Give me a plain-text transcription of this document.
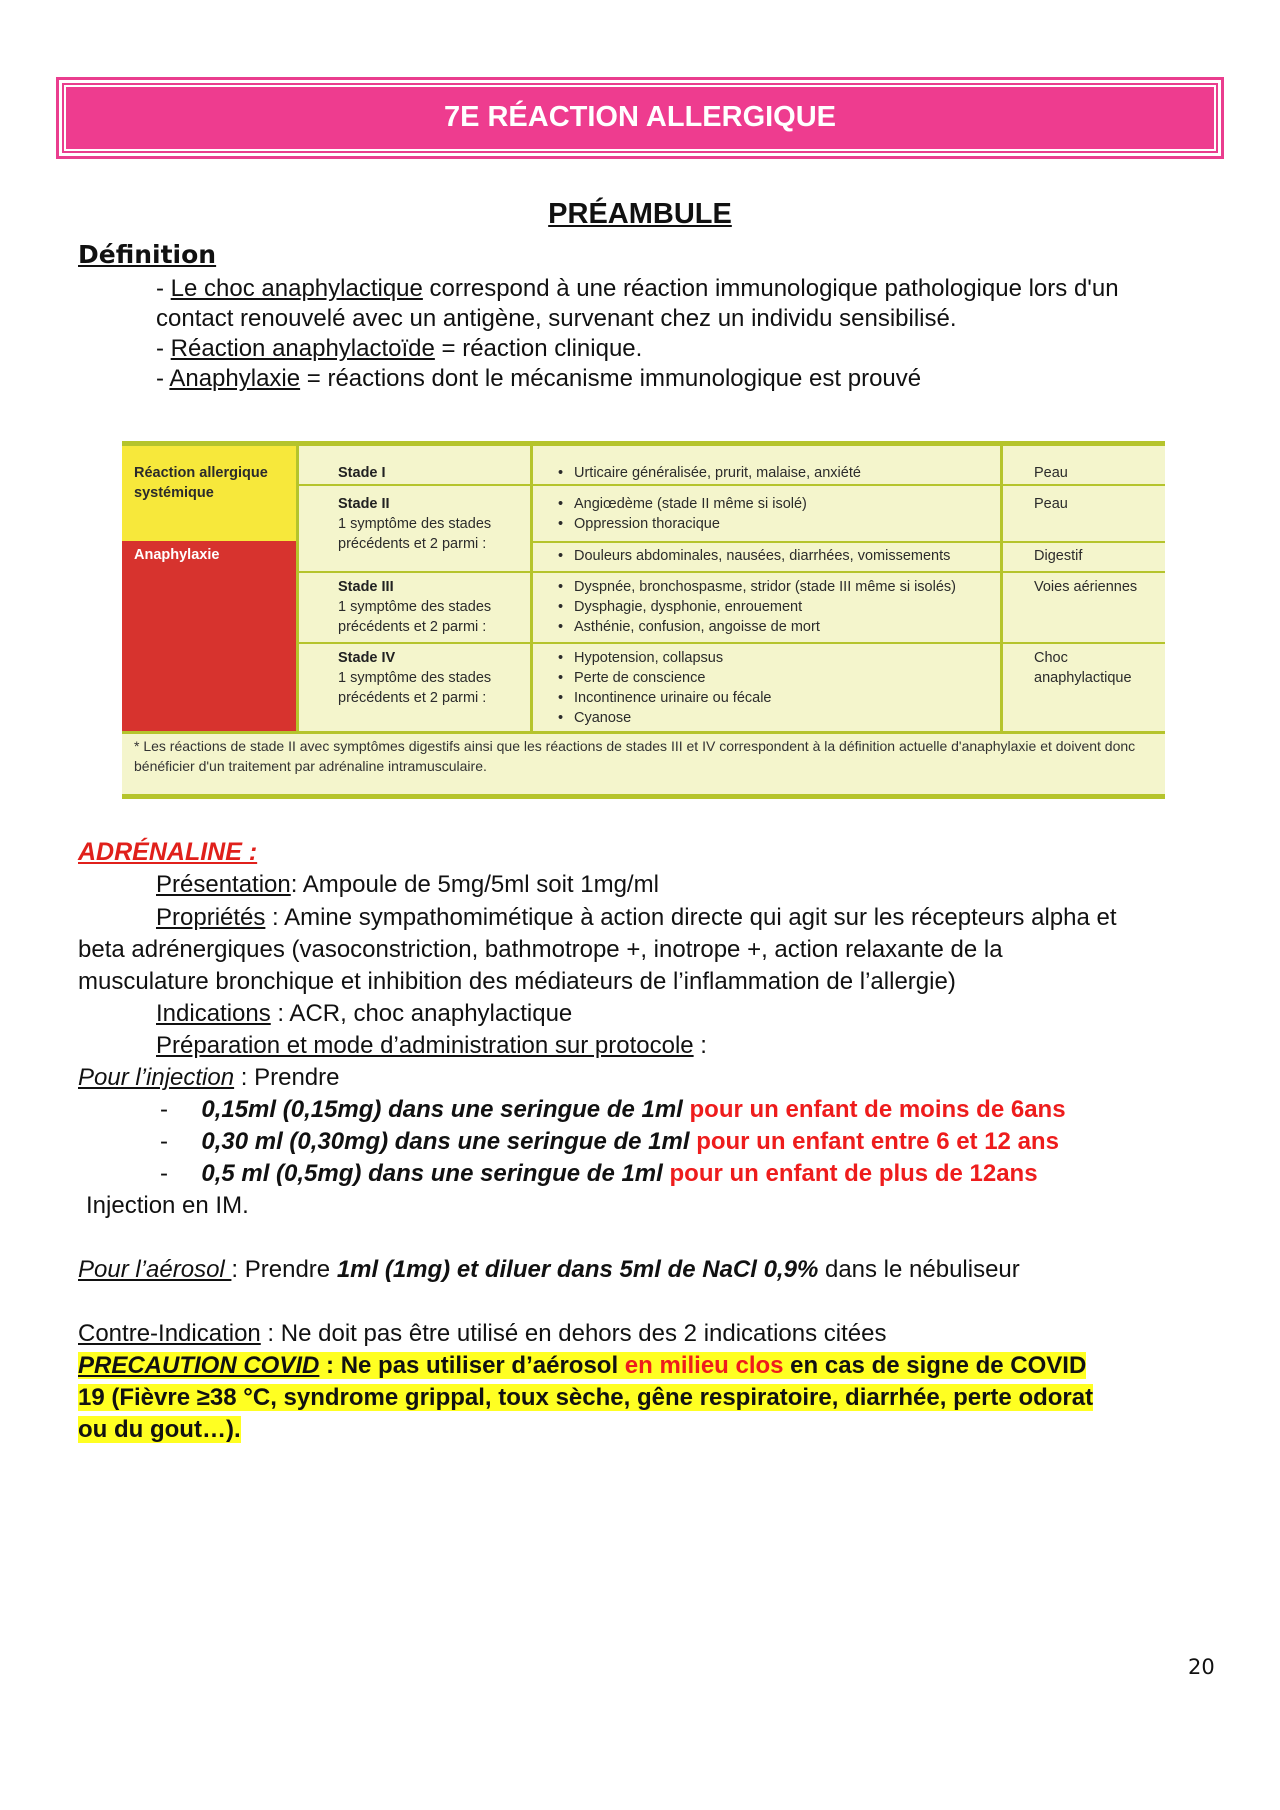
7E RÉACTION ALLERGIQUE
PRÉAMBULE
Définition
- Le choc anaphylactique correspond à une réaction immunologique pathologique lors d'un
contact renouvelé avec un antigène, survenant chez un individu sensibilisé.
- Réaction anaphylactoïde = réaction clinique.
- Anaphylaxie = réactions dont le mécanisme immunologique est prouvé
Réaction allergique systémique
Anaphylaxie
Stade I
•	Urticaire généralisée, prurit, malaise, anxiété	Peau
Stade II
1 symptôme des stades précédents et 2 parmi :
• Angiœdème (stade II même si isolé)
• Oppression thoracique
Peau
• Douleurs abdominales, nausées, diarrhées, vomissements	Digestif
Stade III
1 symptôme des stades précédents et 2 parmi :
• Dyspnée, bronchospasme, stridor (stade III même si isolés)
• Dysphagie, dysphonie, enrouement
• Asthénie, confusion, angoisse de mort
Voies aériennes
Stade IV
1 symptôme des stades précédents et 2 parmi :
• Hypotension, collapsus
• Perte de conscience
• Incontinence urinaire ou fécale
• Cyanose
Choc anaphylactique
* Les réactions de stade II avec symptômes digestifs ainsi que les réactions de stades III et IV correspondent à la définition actuelle d'anaphylaxie et doivent donc bénéficier d'un traitement par adrénaline intramusculaire.
ADRÉNALINE :
Présentation: Ampoule de 5mg/5ml soit 1mg/ml
Propriétés : Amine sympathomimétique à action directe qui agit sur les récepteurs alpha et
beta adrénergiques (vasoconstriction, bathmotrope +, inotrope +, action relaxante de la
musculature bronchique et inhibition des médiateurs de l’inflammation de l’allergie)
Indications : ACR, choc anaphylactique
Préparation et mode d’administration sur protocole :
Pour l’injection : Prendre
-     0,15ml (0,15mg) dans une seringue de 1ml pour un enfant de moins de 6ans
-     0,30 ml (0,30mg) dans une seringue de 1ml pour un enfant entre 6 et 12 ans
-     0,5 ml (0,5mg) dans une seringue de 1ml pour un enfant de plus de 12ans
Injection en IM.
Pour l’aérosol : Prendre 1ml (1mg) et diluer dans 5ml de NaCl 0,9% dans le nébuliseur
Contre-Indication : Ne doit pas être utilisé en dehors des 2 indications citées
PRECAUTION COVID : Ne pas utiliser d’aérosol en milieu clos en cas de signe de COVID
19 (Fièvre ≥38 °C, syndrome grippal, toux sèche, gêne respiratoire, diarrhée, perte odorat
ou du gout…).
20
